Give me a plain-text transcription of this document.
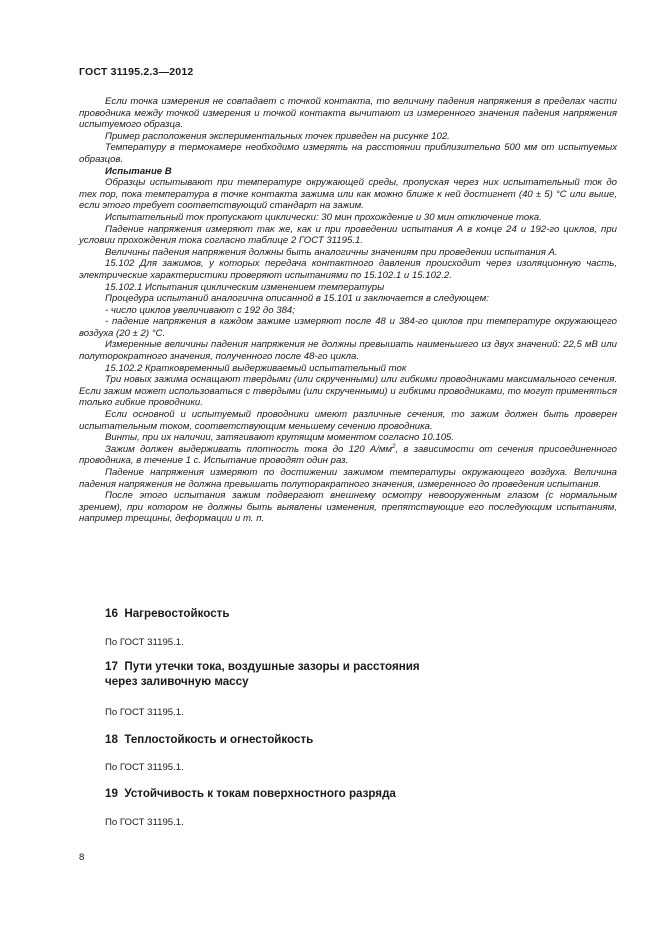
ГОСТ 31195.2.3—2012

Если точка измерения не совпадает с точкой контакта, то величину падения напряжения в пределах части проводника между точкой измерения и точкой контакта вычитают из измеренного значения падения напряжения испытуемого образца.

Пример расположения экспериментальных точек приведен на рисунке 102.

Температуру в термокамере необходимо измерять на расстоянии приблизительно 500 мм от испытуемых образцов.

Испытание В

Образцы испытывают при температуре окружающей среды, пропуская через них испытательный ток до тех пор, пока температура в точке контакта зажима или как можно ближе к ней достигнет (40 ± 5) °С или выше, если этого требует соответствующий стандарт на зажим.

Испытательный ток пропускают циклически: 30 мин прохождение и 30 мин отключение тока.

Падение напряжения измеряют так же, как и при проведении испытания А в конце 24 и 192-го циклов, при условии прохождения тока согласно таблице 2 ГОСТ 31195.1.

Величины падения напряжения должны быть аналогичны значениям при проведении испытания А.

15.102 Для зажимов, у которых передача контактного давления происходит через изоляционную часть, электрические характеристики проверяют испытаниями по 15.102.1 и 15.102.2.

15.102.1 Испытания циклическим изменением температуры

Процедура испытаний аналогична описанной в 15.101 и заключается в следующем:

- число циклов увеличивают с 192 до 384;

- падение напряжения в каждом зажиме измеряют после 48 и 384-го циклов при температуре окружающего воздуха (20 ± 2) °С.

Измеренные величины падения напряжения не должны превышать наименьшего из двух значений: 22,5 мВ или полуторократного значения, полученного после 48-го цикла.

15.102.2 Кратковременный выдерживаемый испытательный ток

Три новых зажима оснащают твердыми (или скрученными) или гибкими проводниками максимального сечения. Если зажим может использоваться с твердыми (или скрученными) и гибкими проводниками, то могут применяться только гибкие проводники.

Если основной и испытуемый проводники имеют различные сечения, то зажим должен быть проверен испытательным током, соответствующим меньшему сечению проводника.

Винты, при их наличии, затягивают крутящим моментом согласно 10.105.

Зажим должен выдерживать плотность тока до 120 $А/мм^2$, в зависимости от сечения присоединенного проводника, в течение 1 с. Испытание проводят один раз.

Падение напряжения измеряют по достижении зажимом температуры окружающего воздуха. Величина падения напряжения не должна превышать полуторакратного значения, измеренного до проведения испытания.

После этого испытания зажим подвергают внешнему осмотру невооруженным глазом (с нормальным зрением), при котором не должны быть выявлены изменения, препятствующие его последующим испытаниям, например трещины, деформации и т. п.

16 Нагревостойкость
По ГОСТ 31195.1.
17 Пути утечки тока, воздушные зазоры и расстояния
через заливочную массу
По ГОСТ 31195.1.
18 Теплостойкость и огнестойкость
По ГОСТ 31195.1.
19 Устойчивость к токам поверхностного разряда
По ГОСТ 31195.1.
8
